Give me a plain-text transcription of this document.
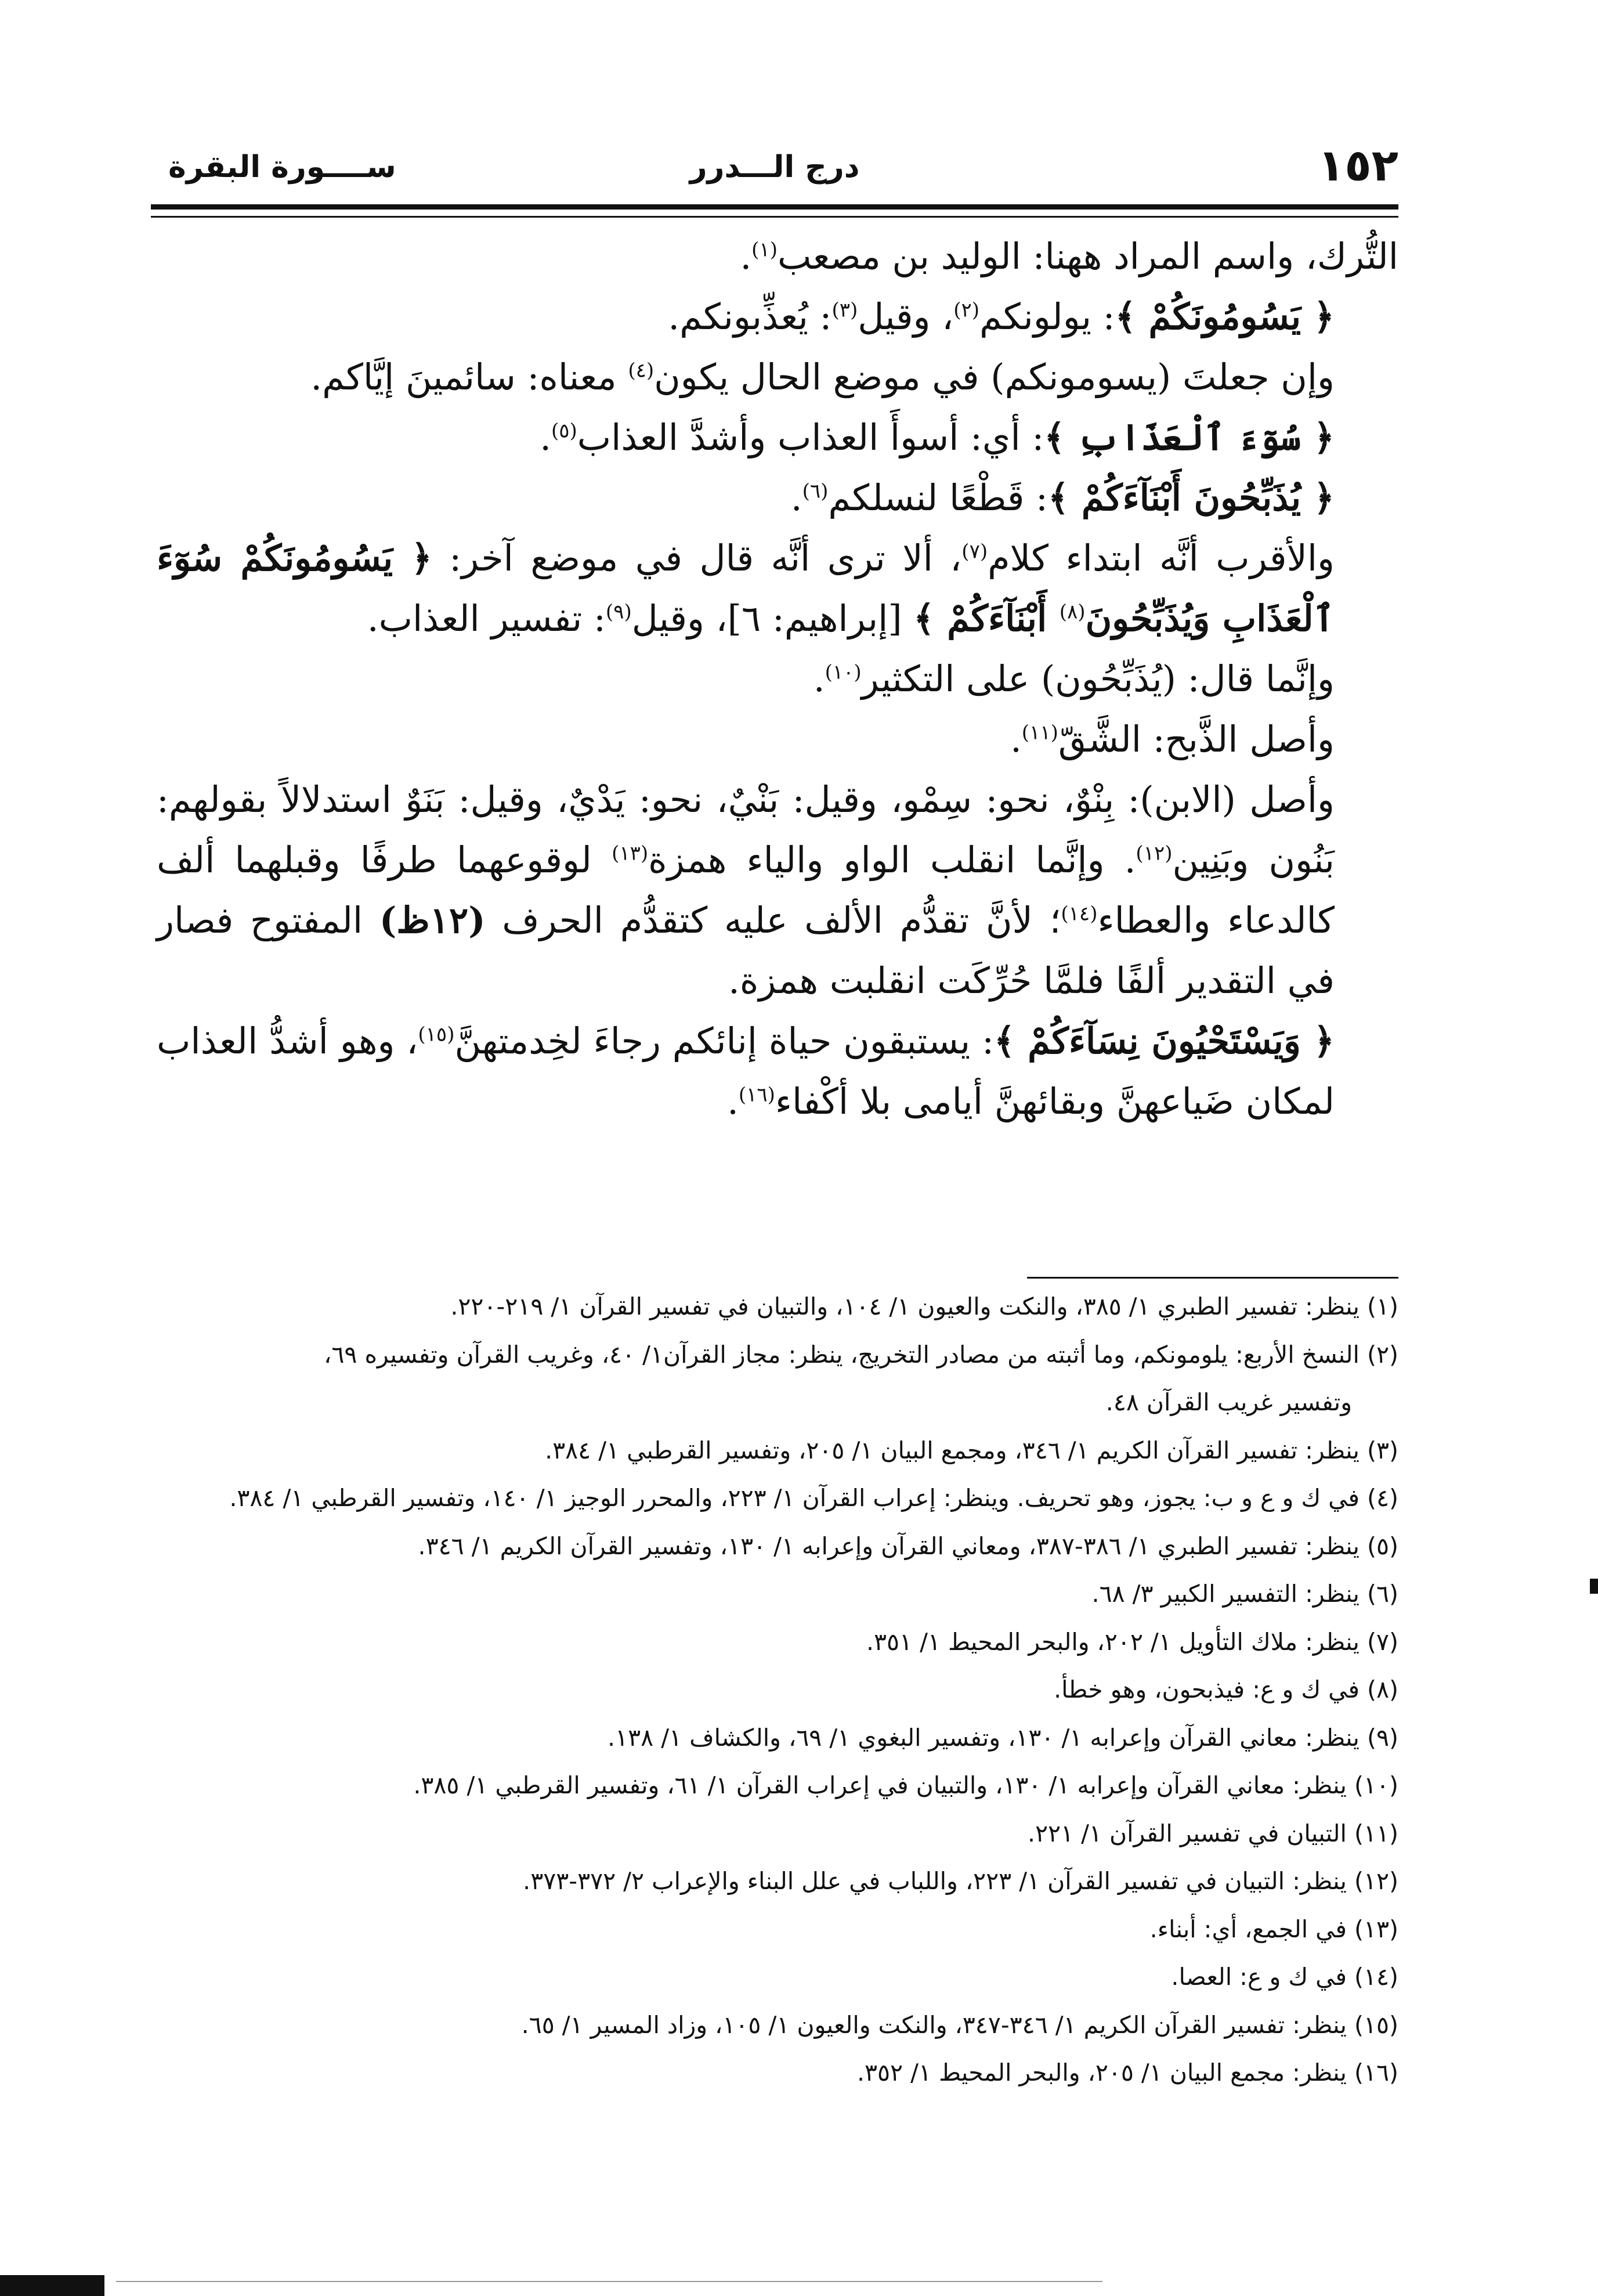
١٥٢
درج الـــدرر
ســــورة البقرة

التُّرك، واسم المراد ههنا: الوليد بن مصعب$^{(١)}$.

﴿ يَسُومُونَكُمْ ﴾: يولونكم$^{(٢)}$، وقيل$^{(٣)}$: يُعذِّبونكم.

وإن جعلتَ (يسومونكم) في موضع الحال يكون$^{(٤)}$ معناه: سائمينَ إيَّاكم.

﴿ سُوٓءَ ٱلْعَذَابِ ﴾: أي: أسوأَ العذاب وأشدَّ العذاب$^{(٥)}$.

﴿ يُذَبِّحُونَ أَبْنَآءَكُمْ ﴾: قَطْعًا لنسلكم$^{(٦)}$.

والأقرب أنَّه ابتداء كلام$^{(٧)}$، ألا ترى أنَّه قال في موضع آخر: ﴿ يَسُومُونَكُمْ سُوٓءَ ٱلْعَذَابِ وَيُذَبِّحُونَ$^{(٨)}$ أَبْنَآءَكُمْ ﴾ [إبراهيم: ٦]، وقيل$^{(٩)}$: تفسير العذاب.

وإنَّما قال: (يُذَبِّحُون) على التكثير$^{(١٠)}$.

وأصل الذَّبح: الشَّقّ$^{(١١)}$.

وأصل (الابن): بِنْوٌ، نحو: سِمْو، وقيل: بَنْيٌ، نحو: يَدْيٌ، وقيل: بَنَوٌ استدلالاً بقولهم: بَنُون وبَنِين$^{(١٢)}$. وإنَّما انقلب الواو والياء همزة$^{(١٣)}$ لوقوعهما طرفًا وقبلهما ألف كالدعاء والعطاء$^{(١٤)}$؛ لأنَّ تقدُّم الألف عليه كتقدُّم الحرف (١٢ظ) المفتوح فصار في التقدير ألفًا فلمَّا حُرِّكَت انقلبت همزة.

﴿ وَيَسْتَحْيُونَ نِسَآءَكُمْ ﴾: يستبقون حياة إنائكم رجاءَ لخِدمتهنَّ$^{(١٥)}$، وهو أشدُّ العذاب لمكان ضَياعهنَّ وبقائهنَّ أيامى بلا أكْفاء$^{(١٦)}$.

(١) ينظر: تفسير الطبري ١/ ٣٨٥، والنكت والعيون ١/ ١٠٤، والتبيان في تفسير القرآن ١/ ٢١٩-٢٢٠.

(٢) النسخ الأربع: يلومونكم، وما أثبته من مصادر التخريج، ينظر: مجاز القرآن١/ ٤٠، وغريب القرآن وتفسيره ٦٩،

وتفسير غريب القرآن ٤٨.

(٣) ينظر: تفسير القرآن الكريم ١/ ٣٤٦، ومجمع البيان ١/ ٢٠٥، وتفسير القرطبي ١/ ٣٨٤.

(٤) في ك و ع و ب: يجوز، وهو تحريف. وينظر: إعراب القرآن ١/ ٢٢٣، والمحرر الوجيز ١/ ١٤٠، وتفسير القرطبي ١/ ٣٨٤.

(٥) ينظر: تفسير الطبري ١/ ٣٨٦-٣٨٧، ومعاني القرآن وإعرابه ١/ ١٣٠، وتفسير القرآن الكريم ١/ ٣٤٦.

(٦) ينظر: التفسير الكبير ٣/ ٦٨.

(٧) ينظر: ملاك التأويل ١/ ٢٠٢، والبحر المحيط ١/ ٣٥١.

(٨) في ك و ع: فيذبحون، وهو خطأ.

(٩) ينظر: معاني القرآن وإعرابه ١/ ١٣٠، وتفسير البغوي ١/ ٦٩، والكشاف ١/ ١٣٨.

(١٠) ينظر: معاني القرآن وإعرابه ١/ ١٣٠، والتبيان في إعراب القرآن ١/ ٦١، وتفسير القرطبي ١/ ٣٨٥.

(١١) التبيان في تفسير القرآن ١/ ٢٢١.

(١٢) ينظر: التبيان في تفسير القرآن ١/ ٢٢٣، واللباب في علل البناء والإعراب ٢/ ٣٧٢-٣٧٣.

(١٣) في الجمع، أي: أبناء.

(١٤) في ك و ع: العصا.

(١٥) ينظر: تفسير القرآن الكريم ١/ ٣٤٦-٣٤٧، والنكت والعيون ١/ ١٠٥، وزاد المسير ١/ ٦٥.

(١٦) ينظر: مجمع البيان ١/ ٢٠٥، والبحر المحيط ١/ ٣٥٢.
